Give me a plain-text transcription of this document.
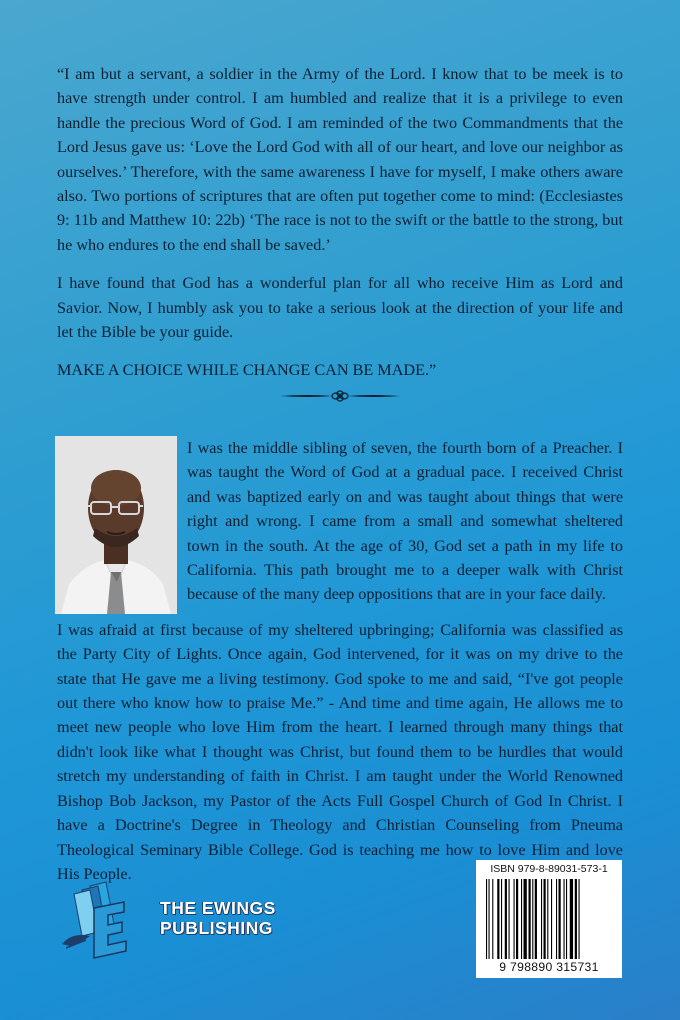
“I am but a servant, a soldier in the Army of the Lord. I know that to be meek is to have strength under control. I am humbled and realize that it is a privilege to even handle the precious Word of God. I am reminded of the two Commandments that the Lord Jesus gave us: ‘Love the Lord God with all of our heart, and love our neighbor as ourselves.’ Therefore, with the same awareness I have for myself, I make others aware also. Two portions of scriptures that are often put together come to mind: (Ecclesiastes 9: 11b and Matthew 10: 22b) ‘The race is not to the swift or the battle to the strong, but he who endures to the end shall be saved.’

I have found that God has a wonderful plan for all who receive Him as Lord and Savior. Now, I humbly ask you to take a serious look at the direction of your life and let the Bible be your guide.

MAKE A CHOICE WHILE CHANGE CAN BE MADE.”

I was the middle sibling of seven, the fourth born of a Preacher. I was taught the Word of God at a gradual pace. I received Christ and was baptized early on and was taught about things that were right and wrong. I came from a small and somewhat sheltered town in the south. At the age of 30, God set a path in my life to California. This path brought me to a deeper walk with Christ because of the many deep oppositions that are in your face daily.

I was afraid at first because of my sheltered upbringing; California was classified as the Party City of Lights. Once again, God intervened, for it was on my drive to the state that He gave me a living testimony. God spoke to me and said, “I've got people out there who know how to praise Me.” - And time and time again, He allows me to meet new people who love Him from the heart. I learned through many things that didn't look like what I thought was Christ, but found them to be hurdles that would stretch my understanding of faith in Christ. I am taught under the World Renowned Bishop Bob Jackson, my Pastor of the Acts Full Gospel Church of God In Christ. I have a Doctrine's Degree in Theology and Christian Counseling from Pneuma Theological Seminary Bible College. God is teaching me how to love Him and love His People.

THE EWINGS
PUBLISHING
ISBN 979-8-89031-573-1
9 798890 315731
